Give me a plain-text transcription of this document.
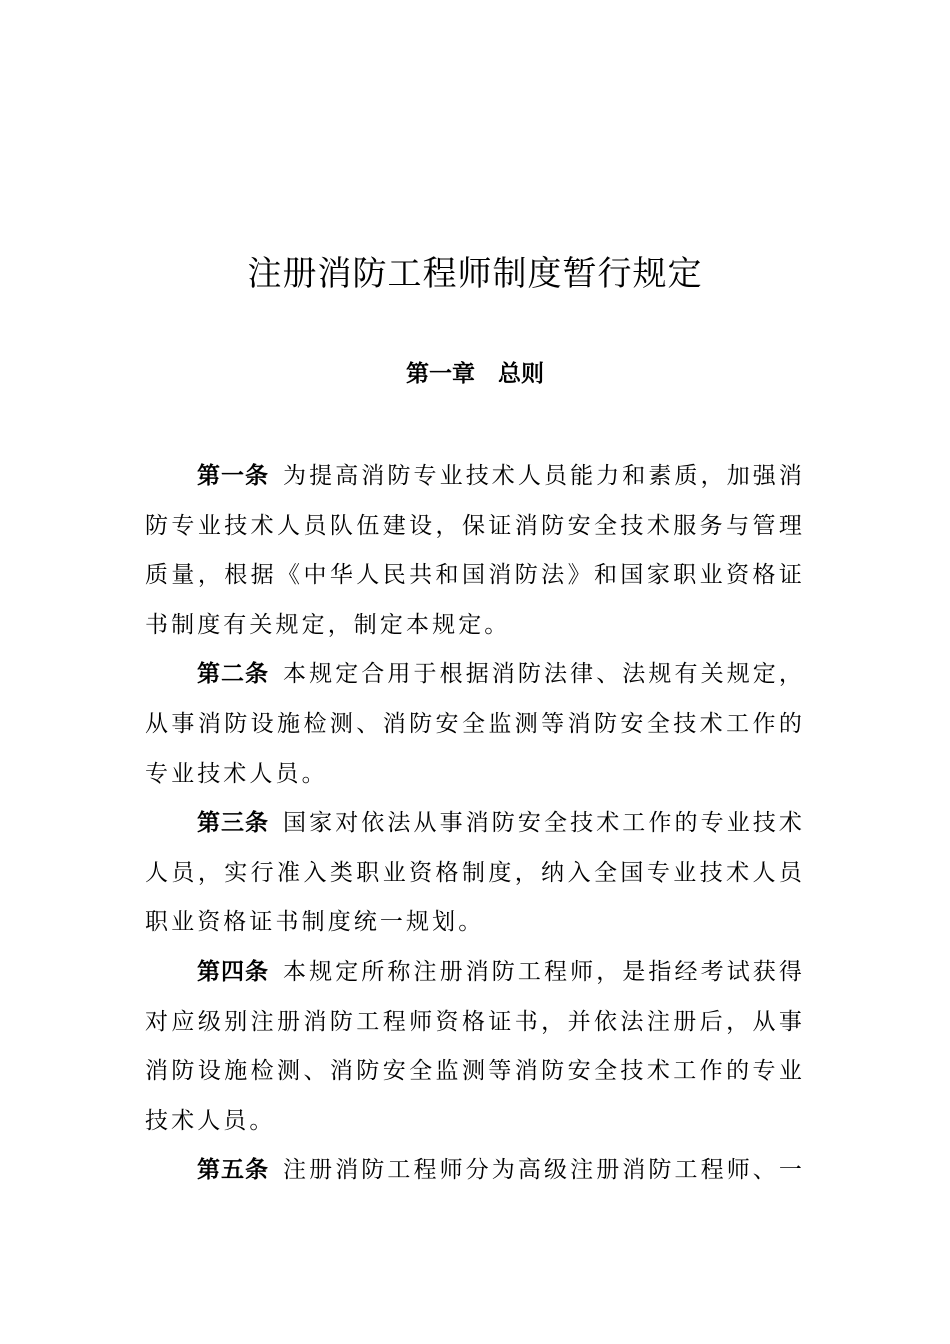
注册消防工程师制度暂行规定
第一章　总则

第一条 为提高消防专业技术人员能力和素质，加强消防专业技术人员队伍建设，保证消防安全技术服务与管理质量，根据《中华人民共和国消防法》和国家职业资格证书制度有关规定，制定本规定。

第二条 本规定合用于根据消防法律、法规有关规定，从事消防设施检测、消防安全监测等消防安全技术工作的专业技术人员。

第三条 国家对依法从事消防安全技术工作的专业技术人员，实行准入类职业资格制度，纳入全国专业技术人员职业资格证书制度统一规划。

第四条 本规定所称注册消防工程师，是指经考试获得对应级别注册消防工程师资格证书，并依法注册后，从事消防设施检测、消防安全监测等消防安全技术工作的专业技术人员。

第五条 注册消防工程师分为高级注册消防工程师、一
